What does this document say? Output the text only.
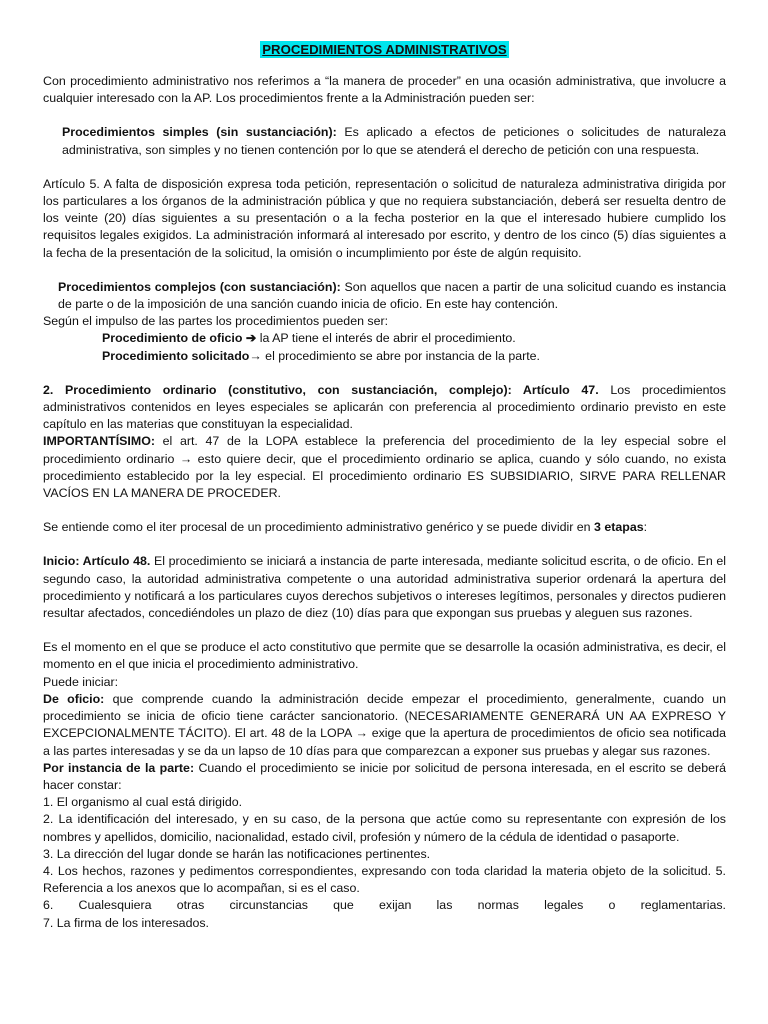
PROCEDIMIENTOS ADMINISTRATIVOS

Con procedimiento administrativo nos referimos a “la manera de proceder” en una ocasión administrativa, que involucre a cualquier interesado con la AP. Los procedimientos frente a la Administración pueden ser:

Procedimientos simples (sin sustanciación): Es aplicado a efectos de peticiones o solicitudes de naturaleza administrativa, son simples y no tienen contención por lo que se atenderá el derecho de petición con una respuesta.

Artículo 5. A falta de disposición expresa toda petición, representación o solicitud de naturaleza administrativa dirigida por los particulares a los órganos de la administración pública y que no requiera substanciación, deberá ser resuelta dentro de los veinte (20) días siguientes a su presentación o a la fecha posterior en la que el interesado hubiere cumplido los requisitos legales exigidos. La administración informará al interesado por escrito, y dentro de los cinco (5) días siguientes a la fecha de la presentación de la solicitud, la omisión o incumplimiento por éste de algún requisito.

Procedimientos complejos (con sustanciación): Son aquellos que nacen a partir de una solicitud cuando es instancia de parte o de la imposición de una sanción cuando inicia de oficio. En este hay contención.

Según el impulso de las partes los procedimientos pueden ser:

Procedimiento de oficio ➔ la AP tiene el interés de abrir el procedimiento.

Procedimiento solicitado→ el procedimiento se abre por instancia de la parte.

2. Procedimiento ordinario (constitutivo, con sustanciación, complejo): Artículo 47. Los procedimientos administrativos contenidos en leyes especiales se aplicarán con preferencia al procedimiento ordinario previsto en este capítulo en las materias que constituyan la especialidad.

IMPORTANTÍSIMO: el art. 47 de la LOPA establece la preferencia del procedimiento de la ley especial sobre el procedimiento ordinario → esto quiere decir, que el procedimiento ordinario se aplica, cuando y sólo cuando, no exista procedimiento establecido por la ley especial. El procedimiento ordinario ES SUBSIDIARIO, SIRVE PARA RELLENAR VACÍOS EN LA MANERA DE PROCEDER.

Se entiende como el iter procesal de un procedimiento administrativo genérico y se puede dividir en 3 etapas:

Inicio: Artículo 48. El procedimiento se iniciará a instancia de parte interesada, mediante solicitud escrita, o de oficio. En el segundo caso, la autoridad administrativa competente o una autoridad administrativa superior ordenará la apertura del procedimiento y notificará a los particulares cuyos derechos subjetivos o intereses legítimos, personales y directos pudieren resultar afectados, concediéndoles un plazo de diez (10) días para que expongan sus pruebas y aleguen sus razones.

Es el momento en el que se produce el acto constitutivo que permite que se desarrolle la ocasión administrativa, es decir, el momento en el que inicia el procedimiento administrativo.

Puede iniciar:

De oficio: que comprende cuando la administración decide empezar el procedimiento, generalmente, cuando un procedimiento se inicia de oficio tiene carácter sancionatorio. (NECESARIAMENTE GENERARÁ UN AA EXPRESO Y EXCEPCIONALMENTE TÁCITO). El art. 48 de la LOPA → exige que la apertura de procedimientos de oficio sea notificada a las partes interesadas y se da un lapso de 10 días para que comparezcan a exponer sus pruebas y alegar sus razones.

Por instancia de la parte: Cuando el procedimiento se inicie por solicitud de persona interesada, en el escrito se deberá hacer constar:

1. El organismo al cual está dirigido.

2. La identificación del interesado, y en su caso, de la persona que actúe como su representante con expresión de los nombres y apellidos, domicilio, nacionalidad, estado civil, profesión y número de la cédula de identidad o pasaporte.

3. La dirección del lugar donde se harán las notificaciones pertinentes.

4. Los hechos, razones y pedimentos correspondientes, expresando con toda claridad la materia objeto de la solicitud. 5. Referencia a los anexos que lo acompañan, si es el caso.

6. Cualesquiera otras circunstancias que exijan las normas legales o reglamentarias.

7. La firma de los interesados.
